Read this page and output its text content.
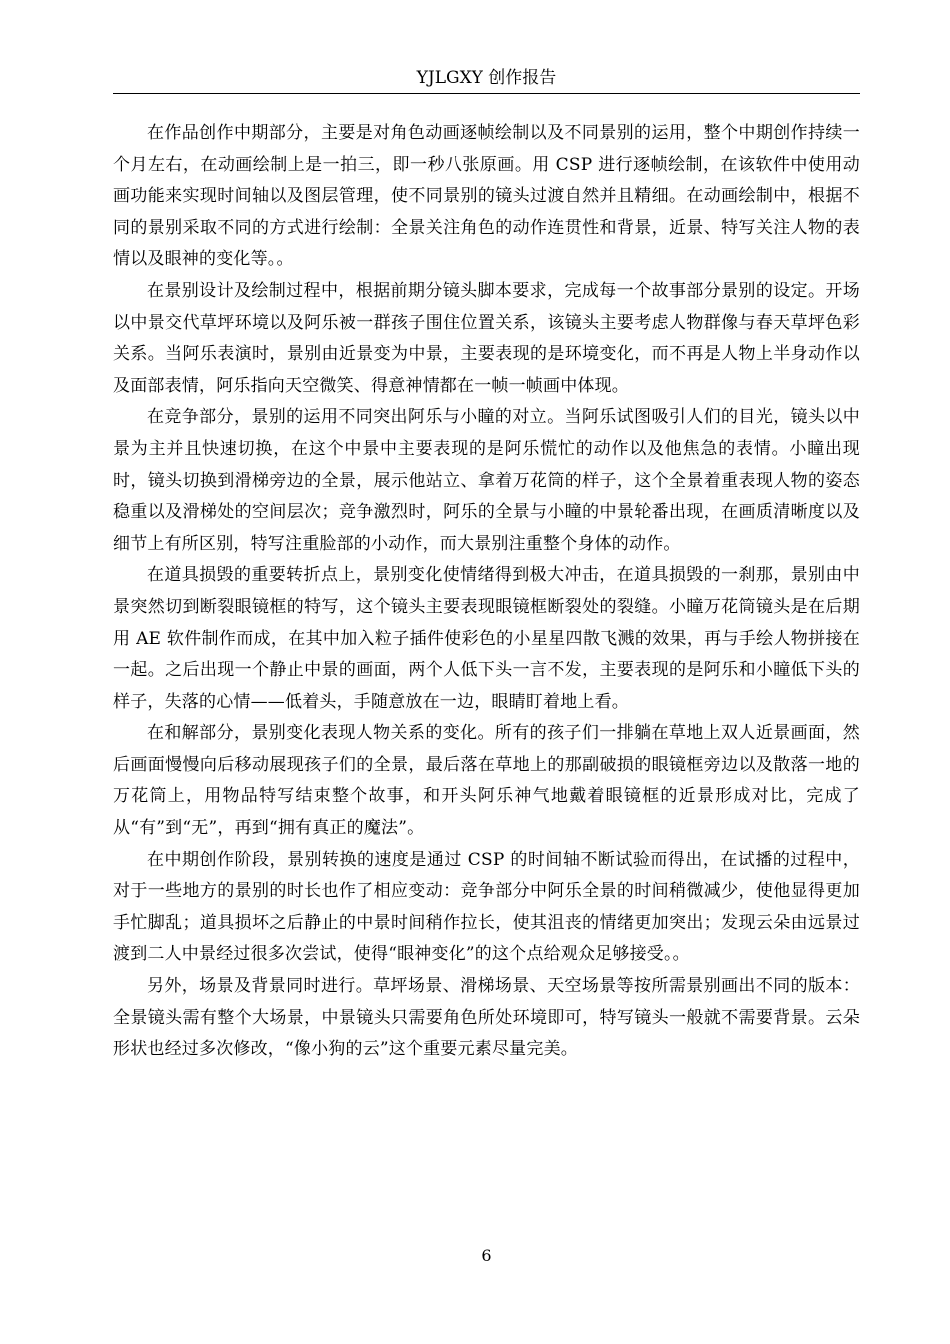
YJLGXY 创作报告

在作品创作中期部分，主要是对角色动画逐帧绘制以及不同景别的运用，整个中期创作持续一个月左右，在动画绘制上是一拍三，即一秒八张原画。用 CSP 进行逐帧绘制，在该软件中使用动画功能来实现时间轴以及图层管理，使不同景别的镜头过渡自然并且精细。在动画绘制中，根据不同的景别采取不同的方式进行绘制：全景关注角色的动作连贯性和背景，近景、特写关注人物的表情以及眼神的变化等。。

在景别设计及绘制过程中，根据前期分镜头脚本要求，完成每一个故事部分景别的设定。开场以中景交代草坪环境以及阿乐被一群孩子围住位置关系，该镜头主要考虑人物群像与春天草坪色彩关系。当阿乐表演时，景别由近景变为中景，主要表现的是环境变化，而不再是人物上半身动作以及面部表情，阿乐指向天空微笑、得意神情都在一帧一帧画中体现。

在竞争部分，景别的运用不同突出阿乐与小瞳的对立。当阿乐试图吸引人们的目光，镜头以中景为主并且快速切换，在这个中景中主要表现的是阿乐慌忙的动作以及他焦急的表情。小瞳出现时，镜头切换到滑梯旁边的全景，展示他站立、拿着万花筒的样子，这个全景着重表现人物的姿态稳重以及滑梯处的空间层次；竞争激烈时，阿乐的全景与小瞳的中景轮番出现，在画质清晰度以及细节上有所区别，特写注重脸部的小动作，而大景别注重整个身体的动作。

在道具损毁的重要转折点上，景别变化使情绪得到极大冲击，在道具损毁的一刹那，景别由中景突然切到断裂眼镜框的特写，这个镜头主要表现眼镜框断裂处的裂缝。小瞳万花筒镜头是在后期用 AE 软件制作而成，在其中加入粒子插件使彩色的小星星四散飞溅的效果，再与手绘人物拼接在一起。之后出现一个静止中景的画面，两个人低下头一言不发，主要表现的是阿乐和小瞳低下头的样子，失落的心情——低着头，手随意放在一边，眼睛盯着地上看。

在和解部分，景别变化表现人物关系的变化。所有的孩子们一排躺在草地上双人近景画面，然后画面慢慢向后移动展现孩子们的全景，最后落在草地上的那副破损的眼镜框旁边以及散落一地的万花筒上，用物品特写结束整个故事，和开头阿乐神气地戴着眼镜框的近景形成对比，完成了从“有”到“无”，再到“拥有真正的魔法”。

在中期创作阶段，景别转换的速度是通过 CSP 的时间轴不断试验而得出，在试播的过程中，对于一些地方的景别的时长也作了相应变动：竞争部分中阿乐全景的时间稍微减少，使他显得更加手忙脚乱；道具损坏之后静止的中景时间稍作拉长，使其沮丧的情绪更加突出；发现云朵由远景过渡到二人中景经过很多次尝试，使得“眼神变化”的这个点给观众足够接受。。

另外，场景及背景同时进行。草坪场景、滑梯场景、天空场景等按所需景别画出不同的版本：全景镜头需有整个大场景，中景镜头只需要角色所处环境即可，特写镜头一般就不需要背景。云朵形状也经过多次修改，“像小狗的云”这个重要元素尽量完美。

6
